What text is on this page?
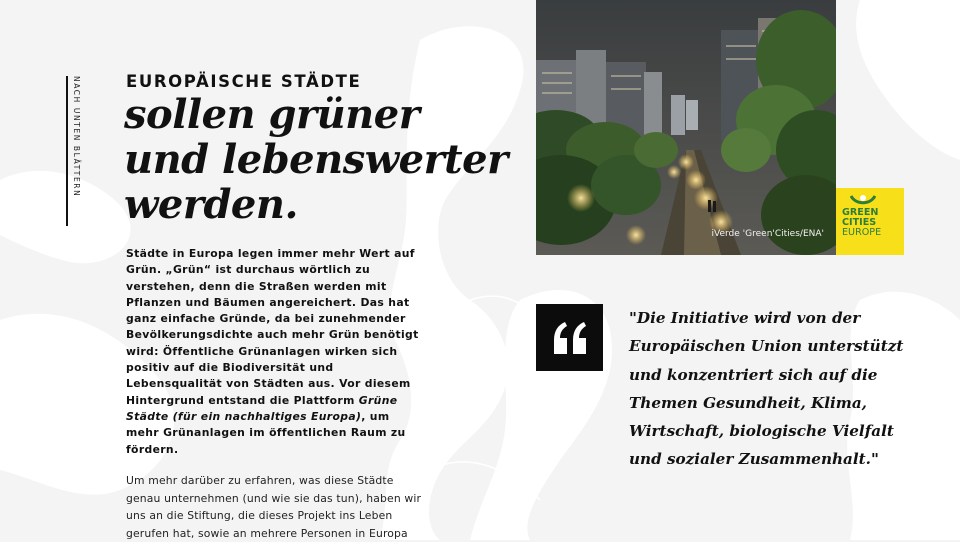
NACH UNTEN BLÄTTERN	EUROPÄISCHE STÄDTE
sollen grüner
und lebenswerter
werden.
Städte in Europa legen immer mehr Wert auf Grün. „Grün“ ist durchaus wörtlich zu verstehen, denn die Straßen werden mit Pflanzen und Bäumen angereichert. Das hat ganz einfache Gründe, da bei zunehmender Bevölkerungsdichte auch mehr Grün benötigt wird: Öffentliche Grünanlagen wirken sich positiv auf die Biodiversität und Lebensqualität von Städten aus. Vor diesem Hintergrund entstand die Plattform Grüne Städte (für ein nachhaltiges Europa), um mehr Grünanlagen im öffentlichen Raum zu fördern.
Um mehr darüber zu erfahren, was diese Städte genau unternehmen (und wie sie das tun), haben wir uns an die Stiftung, die dieses Projekt ins Leben gerufen hat, sowie an mehrere Personen in Europa
iVerde 'Green'Cities/ENA'
GREEN
CITIES
EUROPE
"Die Initiative wird von der Europäischen Union unterstützt und konzentriert sich auf die Themen Gesundheit, Klima, Wirtschaft, biologische Vielfalt und sozialer Zusammenhalt."
